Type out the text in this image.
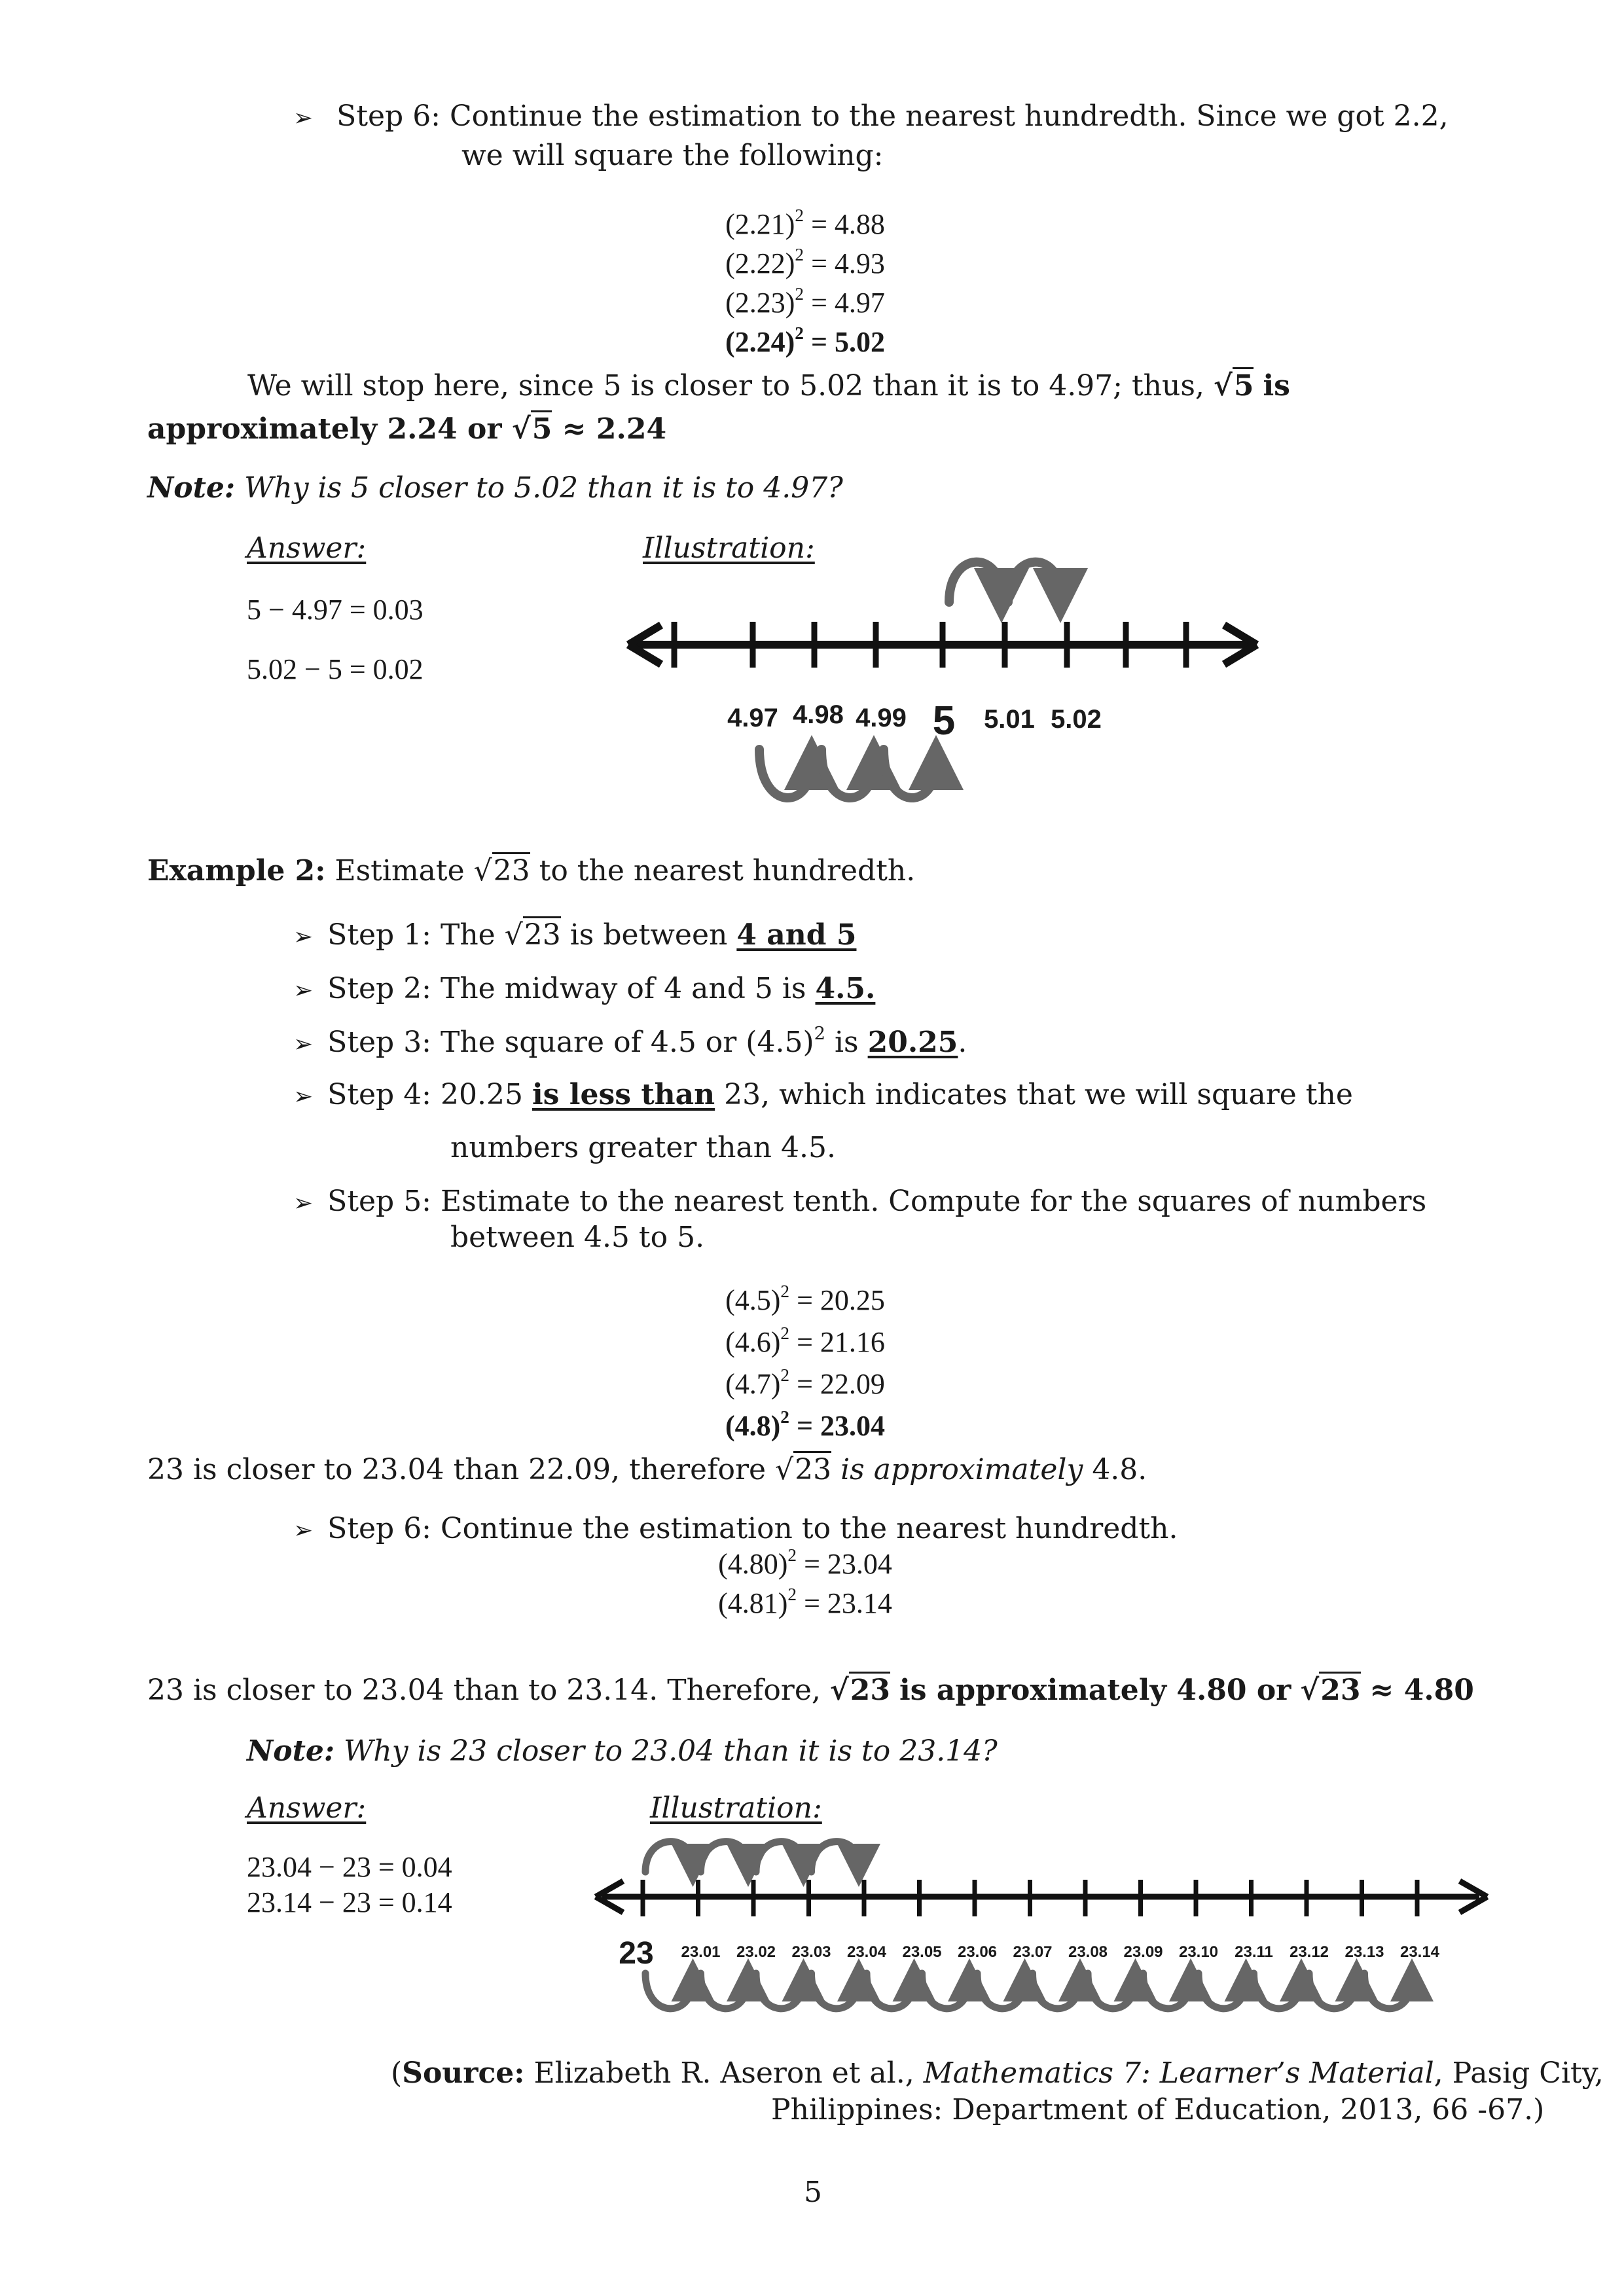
➢ Step 6: Continue the estimation to the nearest hundredth. Since we got 2.2,
we will square the following:
$(2.21)^2 = 4.88$
$(2.22)^2 = 4.93$
$(2.23)^2 = 4.97$
$(2.24)^2 = 5.02$
We will stop here, since 5 is closer to 5.02 than it is to 4.97; thus, √5 is
approximately 2.24 or √5 ≈ 2.24
Note: Why is 5 closer to 5.02 than it is to 4.97?
Answer:	Illustration:
5 − 4.97 = 0.03
5.02 − 5 = 0.02
4.97 4.98 4.99 5 5.01 5.02
Example 2: Estimate √23 to the nearest hundredth.
➢ Step 1: The √23 is between 4 and 5
➢ Step 2: The midway of 4 and 5 is 4.5.
➢ Step 3: The square of 4.5 or $(4.5)^2$ is 20.25.
➢ Step 4: 20.25 is less than 23, which indicates that we will square the
numbers greater than 4.5.
➢ Step 5: Estimate to the nearest tenth. Compute for the squares of numbers
between 4.5 to 5.
$(4.5)^2 = 20.25$
$(4.6)^2 = 21.16$
$(4.7)^2 = 22.09$
$(4.8)^2 = 23.04$
23 is closer to 23.04 than 22.09, therefore √23 is approximately 4.8.
➢ Step 6: Continue the estimation to the nearest hundredth.
$(4.80)^2 = 23.04$
$(4.81)^2 = 23.14$
23 is closer to 23.04 than to 23.14. Therefore, √23 is approximately 4.80 or √23 ≈ 4.80
Note: Why is 23 closer to 23.04 than it is to 23.14?
Answer:	Illustration:
23.04 − 23 = 0.04
23.14 − 23 = 0.14
23 23.01 23.02 23.03 23.04 23.05 23.06 23.07 23.08 23.09 23.10 23.11 23.12 23.13 23.14
(Source: Elizabeth R. Aseron et al., Mathematics 7: Learner’s Material, Pasig City,
Philippines: Department of Education, 2013, 66 -67.)
5
